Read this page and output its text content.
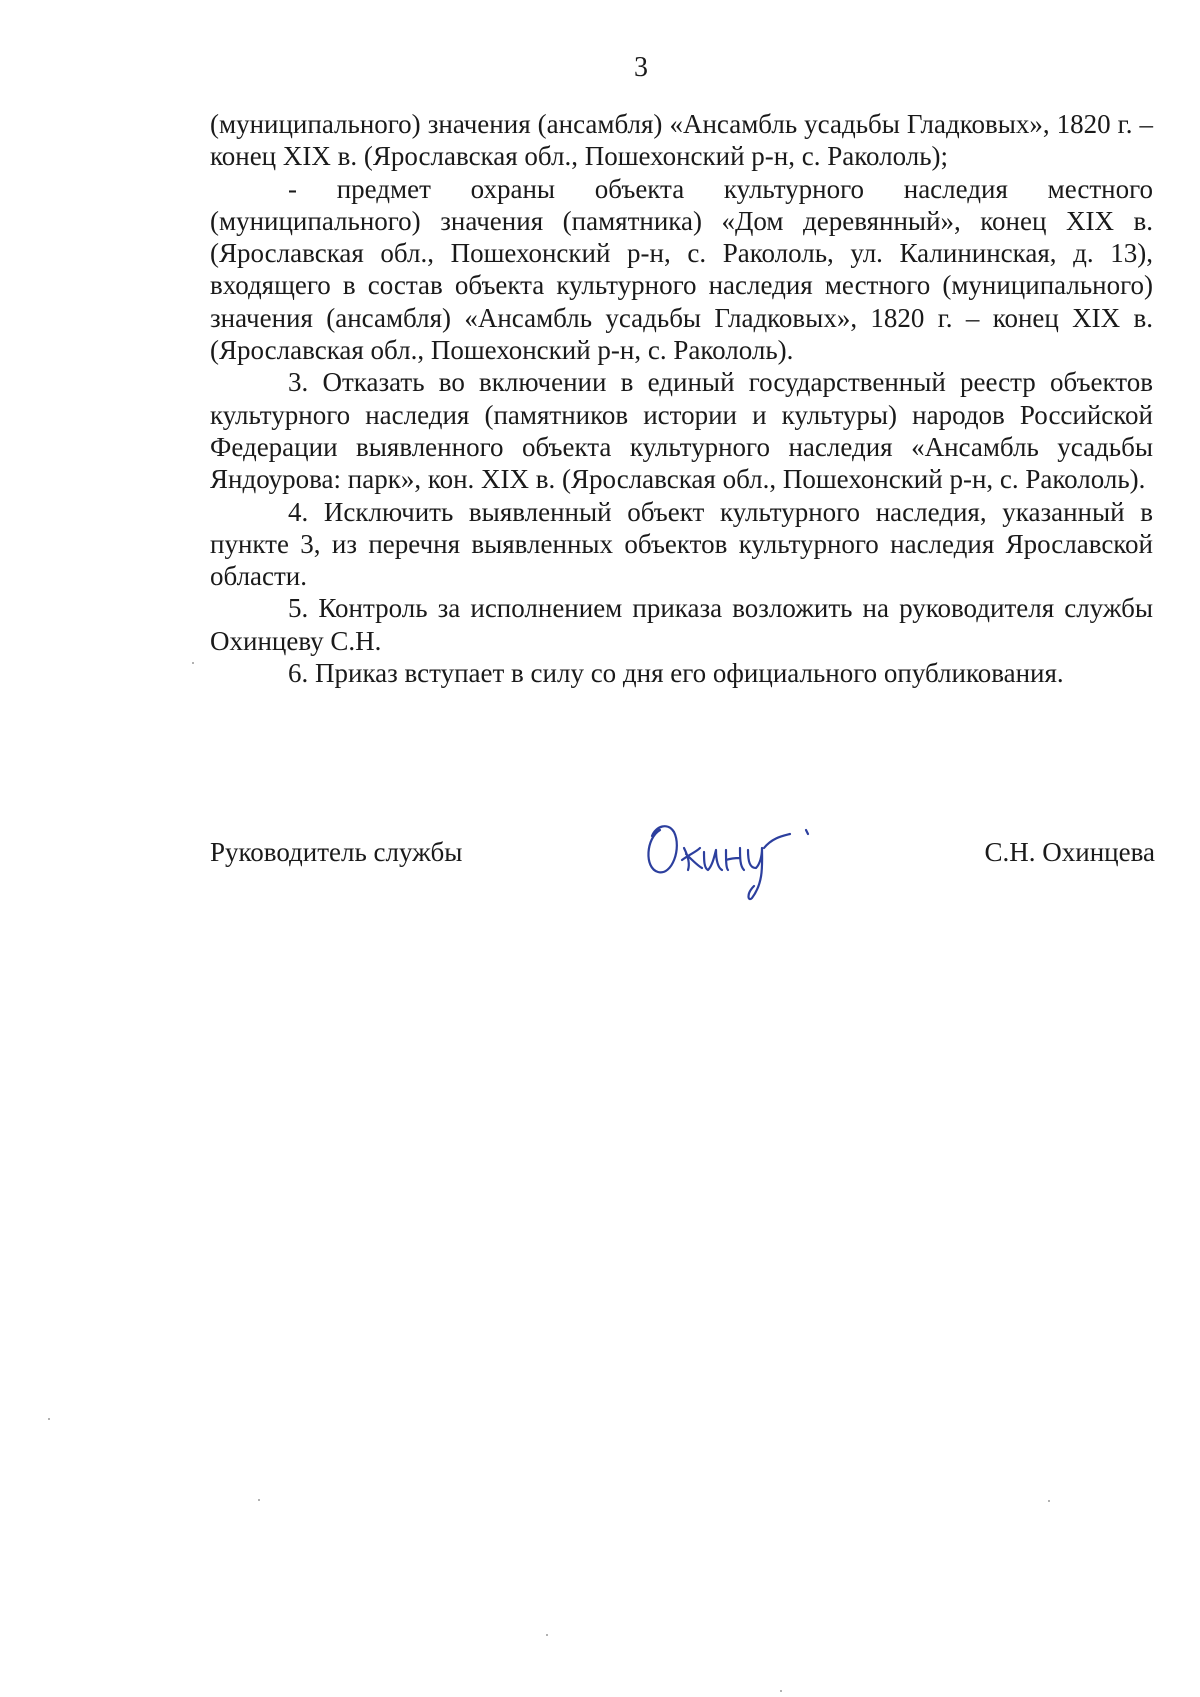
3

(муниципального) значения (ансамбля) «Ансамбль усадьбы Гладковых», 1820 г. – конец XIX в. (Ярославская обл., Пошехонский р-н, с. Ракололь);

- предмет охраны объекта культурного наследия местного (муниципального) значения (памятника) «Дом деревянный», конец XIX в. (Ярославская обл., Пошехонский р-н, с. Ракололь, ул. Калининская, д. 13), входящего в состав объекта культурного наследия местного (муниципального) значения (ансамбля) «Ансамбль усадьбы Гладковых», 1820 г. – конец XIX в. (Ярославская обл., Пошехонский р-н, с. Ракололь).

3. Отказать во включении в единый государственный реестр объектов культурного наследия (памятников истории и культуры) народов Российской Федерации выявленного объекта культурного наследия «Ансамбль усадьбы Яндоурова: парк», кон. XIX в. (Ярославская обл., Пошехонский р-н, с. Ракололь).

4. Исключить выявленный объект культурного наследия, указанный в пункте 3, из перечня выявленных объектов культурного наследия Ярославской области.

5. Контроль за исполнением приказа возложить на руководителя службы Охинцеву С.Н.

6. Приказ вступает в силу со дня его официального опубликования.

Руководитель службы	С.Н. Охинцева
